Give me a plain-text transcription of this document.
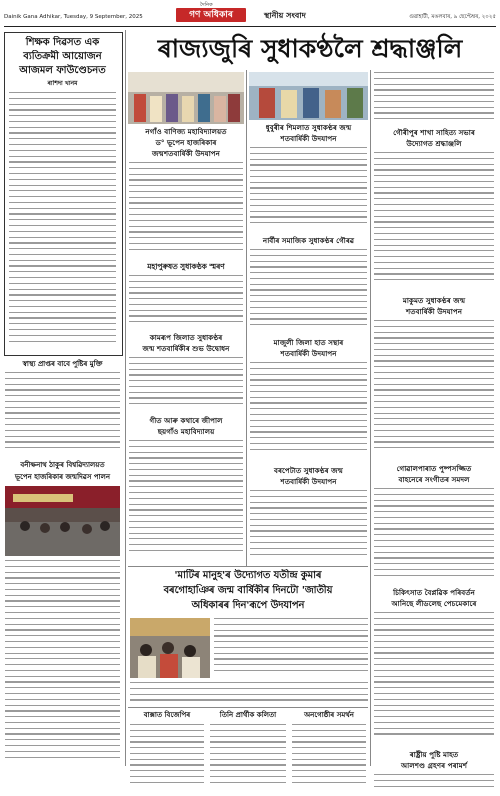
Dainik Gana Adhikar, Tuesday, 9 September, 2025
দৈনিক
গণ অধিকাৰ	স্থানীয় সংবাদ	গুৱাহাটী, মঙলবাৰ, ৯ ছেপ্টেম্বৰ, ২০২৫
ৰাজ্যজুৰি সুধাকণ্ঠলৈ শ্ৰদ্ধাঞ্জলি
শিক্ষক দিৱসত এক
ব্যতিক্ৰমী আয়োজন
আজমল ফাউণ্ডেচনত
ৰাশিদা খানম
স্বাস্থ্য প্ৰাপ্তৰ বাবে পুষ্টিৰ মুক্তি
বনীক্ষনাথ ঠাকুৰ বিশ্বৱিদ্যালয়ত
ভূপেন হাজৰিকাৰ জন্মদিৱস পালন
নগাঁও বাণিজ্য মহাবিদ্যালয়ত
ড° ভূপেন হাজৰিকাৰ
জন্মশতবাৰ্ষিকী উদযাপন
মহাপুৰুষত সুধাকণ্ঠক স্মৰণ
কামৰূপ জিলাত সুধাকণ্ঠৰ
জন্ম শতবাৰ্ষিকীৰ শুভ উদ্বোধন
গীত আৰু কথাৰে জীপাল
ছয়গাঁও মহাবিদ্যালয়
ধুবুৰীৰ শিমলাত সুধাকণ্ঠৰ জন্ম
শতবাৰ্ষিকী উদযাপন
নাৰ্বীৰ সমাজিক সুধাকণ্ঠৰ গৌৰৱ
মাজুলী জিলা হাত সন্থাৰ
শতবাৰ্ষিকী উদযাপন
বৰপেটাত সুধাকণ্ঠৰ জন্ম
শতবাৰ্ষিকী উদযাপন
গৌৰীপুৰ শাখা সাহিত্য সভাৰ
উদ্যোগত শ্ৰদ্ধাঞ্জলি
মাকুমত সুধাকণ্ঠৰ জন্ম
শতবাৰ্ষিকী উদযাপন
গোৱালপাৰাত পুষ্পসজ্জিত
বাহনেৰে সংগীতৰ সমদল
চিকিৎসাত বৈপ্লৱিক পৰিবৰ্তন
আনিছে লীডলেছ পেচমেকাৰে
ৰাষ্ট্ৰীয় পুষ্টি মাহত
আলশণ্ড গ্ৰহণৰ পৰামৰ্শ
'মাটিৰ মানুহ'ৰ উদ্যোগত যতীন্দ্ৰ কুমাৰ
বৰগোহাঞিৰ জন্ম বাৰ্ষিকীৰ দিনটো 'জাতীয়
অধিকাৰৰ দিন'ৰূপে উদযাপন
বাক্সাত বিজেপিৰ	তিনি প্ৰাৰ্থীক কলিতা	অনগোষ্ঠীৰ সমৰ্থন
